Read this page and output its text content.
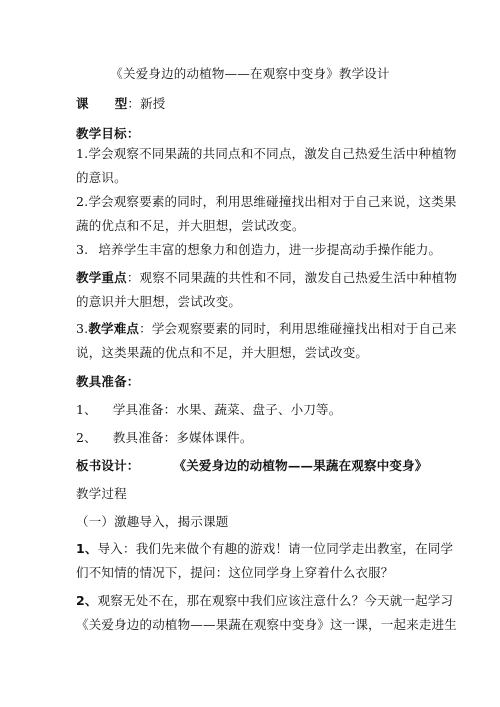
《关爱身边的动植物——在观察中变身》教学设计
课 型：新授
教学目标：
1.学会观察不同果蔬的共同点和不同点，激发自己热爱生活中种植物
的意识。
2.学会观察要素的同时，利用思维碰撞找出相对于自己来说，这类果
蔬的优点和不足，并大胆想，尝试改变。
3. 培养学生丰富的想象力和创造力，进一步提高动手操作能力。
教学重点：观察不同果蔬的共性和不同，激发自己热爱生活中种植物
的意识并大胆想，尝试改变。
3.教学难点：学会观察要素的同时，利用思维碰撞找出相对于自己来
说，这类果蔬的优点和不足，并大胆想，尝试改变。
教具准备：
1、 学具准备：水果、蔬菜、盘子、小刀等。
2、 教具准备：多媒体课件。
板书设计：	《关爱身边的动植物——果蔬在观察中变身》
教学过程
（一）激趣导入，揭示课题
1、导入：我们先来做个有趣的游戏！请一位同学走出教室，在同学
们不知情的情况下，提问：这位同学身上穿着什么衣服？
2、观察无处不在，那在观察中我们应该注意什么？今天就一起学习
《关爱身边的动植物——果蔬在观察中变身》这一课，一起来走进生
